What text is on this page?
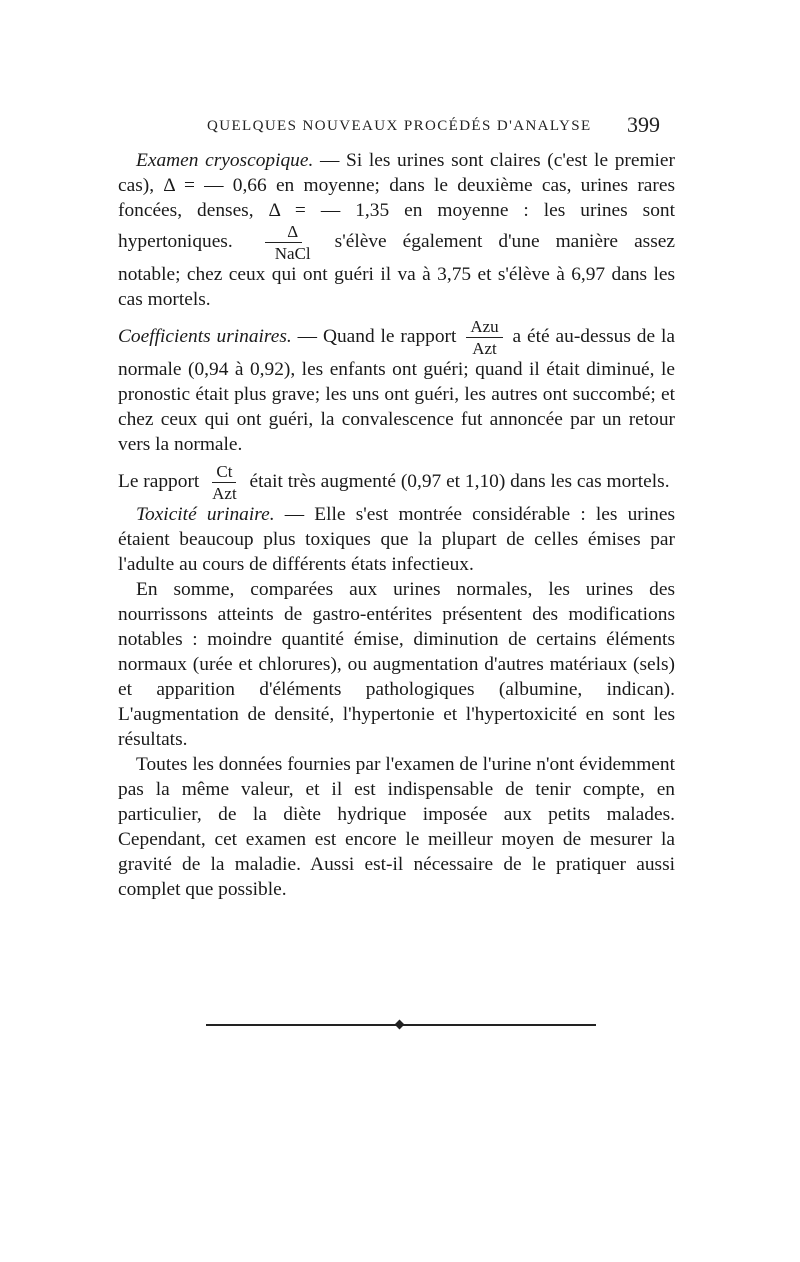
QUELQUES NOUVEAUX PROCÉDÉS D'ANALYSE 399

Examen cryoscopique. — Si les urines sont claires (c'est le premier cas), Δ = — 0,66 en moyenne; dans le deuxième cas, urines rares foncées, denses, Δ = — 1,35 en moyenne : les urines sont hypertoniques. $\frac{\Delta}{\text{NaCl}}$ s'élève également d'une manière assez notable; chez ceux qui ont guéri il va à 3,75 et s'élève à 6,97 dans les cas mortels.

Coefficients urinaires. — Quand le rapport $\frac{\text{Azu}}{\text{Azt}}$ a été au-dessus de la normale (0,94 à 0,92), les enfants ont guéri; quand il était diminué, le pronostic était plus grave; les uns ont guéri, les autres ont succombé; et chez ceux qui ont guéri, la convalescence fut annoncée par un retour vers la normale.

Le rapport $\frac{Ct}{\text{Azt}}$ était très augmenté (0,97 et 1,10) dans les cas mortels.

Toxicité urinaire. — Elle s'est montrée considérable : les urines étaient beaucoup plus toxiques que la plupart de celles émises par l'adulte au cours de différents états infectieux.

En somme, comparées aux urines normales, les urines des nourrissons atteints de gastro-entérites présentent des modifications notables : moindre quantité émise, diminution de certains éléments normaux (urée et chlorures), ou augmentation d'autres matériaux (sels) et apparition d'éléments pathologiques (albumine, indican). L'augmentation de densité, l'hypertonie et l'hypertoxicité en sont les résultats.

Toutes les données fournies par l'examen de l'urine n'ont évidemment pas la même valeur, et il est indispensable de tenir compte, en particulier, de la diète hydrique imposée aux petits malades. Cependant, cet examen est encore le meilleur moyen de mesurer la gravité de la maladie. Aussi est-il nécessaire de le pratiquer aussi complet que possible.
